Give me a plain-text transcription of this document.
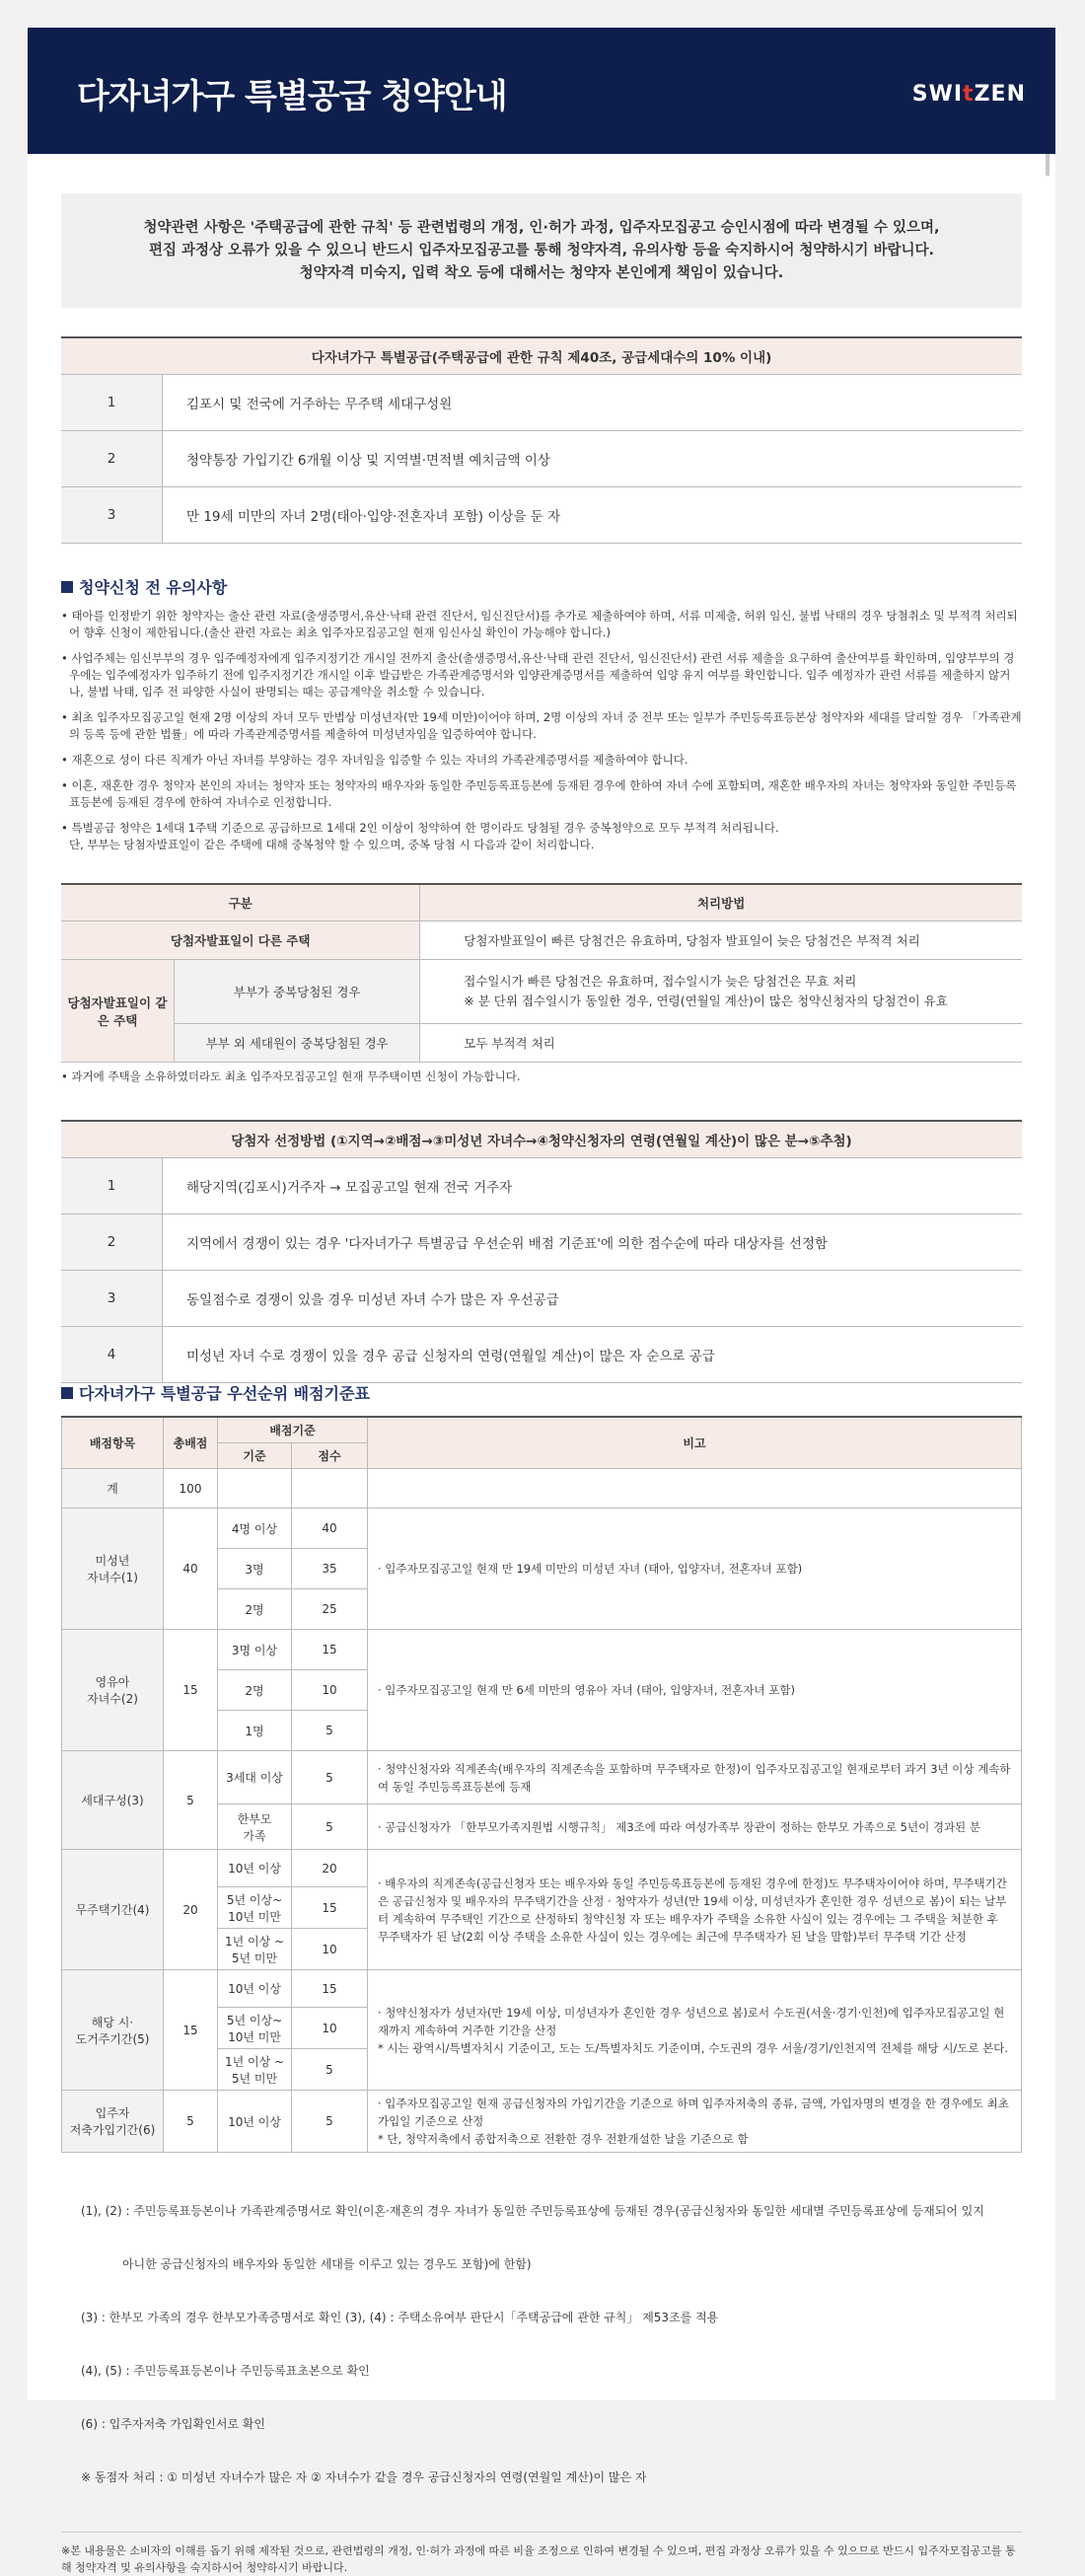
다자녀가구 특별공급 청약안내	SWItZEN
청약관련 사항은 '주택공급에 관한 규칙' 등 관련법령의 개정, 인·허가 과정, 입주자모집공고 승인시점에 따라 변경될 수 있으며,
편집 과정상 오류가 있을 수 있으니 반드시 입주자모집공고를 통해 청약자격, 유의사항 등을 숙지하시어 청약하시기 바랍니다.
청약자격 미숙지, 입력 착오 등에 대해서는 청약자 본인에게 책임이 있습니다.
다자녀가구 특별공급(주택공급에 관한 규칙 제40조, 공급세대수의 10% 이내)	
1	김포시 및 전국에 거주하는 무주택 세대구성원
2	청약통장 가입기간 6개월 이상 및 지역별·면적별 예치금액 이상
3	만 19세 미만의 자녀 2명(태아·입양·전혼자녀 포함) 이상을 둔 자
청약신청 전 유의사항

• 태아를 인정받기 위한 청약자는 출산 관련 자료(출생증명서,유산·낙태 관련 진단서, 임신진단서)를 추가로 제출하여야 하며, 서류 미제출, 허위 임신, 불법 낙태의 경우 당첨취소 및 부적격 처리되어 향후 신청이 제한됩니다.(출산 관련 자료는 최초 입주자모집공고일 현재 임신사실 확인이 가능해야 합니다.)

• 사업주체는 임신부부의 경우 입주예정자에게 입주지정기간 개시일 전까지 출산(출생증명서,유산·낙태 관련 진단서, 임신진단서) 관련 서류 제출을 요구하여 출산여부를 확인하며, 입양부부의 경우에는 입주예정자가 입주하기 전에 입주지정기간 개시일 이후 발급받은 가족관계증명서와 입양관계증명서를 제출하여 입양 유지 여부를 확인합니다. 입주 예정자가 관련 서류를 제출하지 않거나, 불법 낙태, 입주 전 파양한 사실이 판명되는 때는 공급계약을 취소할 수 있습니다.

• 최초 입주자모집공고일 현재 2명 이상의 자녀 모두 만법상 미성년자(만 19세 미만)이어야 하며, 2명 이상의 자녀 중 전부 또는 일부가 주민등록표등본상 청약자와 세대를 달리할 경우 「가족관계의 등록 등에 관한 법률」에 따라 가족관계증명서를 제출하여 미성년자임을 입증하여야 합니다.

• 재혼으로 성이 다른 직계가 아닌 자녀를 부양하는 경우 자녀임을 입증할 수 있는 자녀의 가족관계증명서를 제출하여야 합니다.

• 이혼, 재혼한 경우 청약자 본인의 자녀는 청약자 또는 청약자의 배우자와 동일한 주민등록표등본에 등재된 경우에 한하여 자녀 수에 포함되며, 재혼한 배우자의 자녀는 청약자와 동일한 주민등록표등본에 등재된 경우에 한하여 자녀수로 인정합니다.

• 특별공급 청약은 1세대 1주택 기준으로 공급하므로 1세대 2인 이상이 청약하여 한 명이라도 당첨될 경우 중복청약으로 모두 부적격 처리됩니다.
단, 부부는 당첨자발표일이 같은 주택에 대해 중복청약 할 수 있으며, 중복 당첨 시 다음과 같이 처리합니다.

구분		처리방법
당첨자발표일이 다른 주택		당첨자발표일이 빠른 당첨건은 유효하며, 당첨자 발표일이 늦은 당첨건은 부적격 처리
당첨자발표일이 같은 주택	부부가 중복당첨된 경우	접수일시가 빠른 당첨건은 유효하며, 접수일시가 늦은 당첨건은 무효 처리
※ 분 단위 접수일시가 동일한 경우, 연령(연월일 계산)이 많은 청약신청자의 당첨건이 유효

	부부 외 세대원이 중복당첨된 경우	모두 부적격 처리
• 과거에 주택을 소유하였더라도 최초 입주자모집공고일 현재 무주택이면 신청이 가능합니다.
당첨자 선정방법 (①지역→②배점→③미성년 자녀수→④청약신청자의 연령(연월일 계산)이 많은 분→⑤추첨)	
1	해당지역(김포시)거주자 → 모집공고일 현재 전국 거주자
2	지역에서 경쟁이 있는 경우 '다자녀가구 특별공급 우선순위 배점 기준표'에 의한 점수순에 따라 대상자를 선정함
3	동일점수로 경쟁이 있을 경우 미성년 자녀 수가 많은 자 우선공급
4	미성년 자녀 수로 경쟁이 있을 경우 공급 신청자의 연령(연월일 계산)이 많은 자 순으로 공급
다자녀가구 특별공급 우선순위 배점기준표
배점항목	총배점	배점기준		비고
		기준	점수	
계	100			
미성년
자녀수(1)	40	4명 이상	40	· 입주자모집공고일 현재 만 19세 미만의 미성년 자녀 (태아, 입양자녀, 전혼자녀 포함)
		3명	35	
		2명	25	
영유아
자녀수(2)	15	3명 이상	15	· 입주자모집공고일 현재 만 6세 미만의 영유아 자녀 (태아, 입양자녀, 전혼자녀 포함)
		2명	10	
		1명	5	
세대구성(3)	5	3세대 이상	5	· 청약신청자와 직계존속(배우자의 직계존속을 포함하며 무주택자로 한정)이 입주자모집공고일 현재로부터 과거 3년 이상 계속하여 동일 주민등록표등본에 등재
		한부모
가족	5	· 공급신청자가 「한부모가족지원법 시행규칙」 제3조에 따라 여성가족부 장관이 정하는 한부모 가족으로 5년이 경과된 분
무주택기간(4)	20	10년 이상	20	· 배우자의 직계존속(공급신청자 또는 배우자와 동일 주민등록표등본에 등재된 경우에 한정)도 무주택자이어야 하며, 무주택기간은 공급신청자 및 배우자의 무주택기간을 산정 · 청약자가 성년(만 19세 이상, 미성년자가 혼인한 경우 성년으로 봄)이 되는 날부터 계속하여 무주택인 기간으로 산정하되 청약신청 자 또는 배우자가 주택을 소유한 사실이 있는 경우에는 그 주택을 처분한 후 무주택자가 된 날(2회 이상 주택을 소유한 사실이 있는 경우에는 최근에 무주택자가 된 날을 말함)부터 무주택 기간 산정
		5년 이상~
10년 미만	15	
		1년 이상 ~
5년 미만	10	
해당 시·
도거주기간(5)	15	10년 이상	15	· 청약신청자가 성년자(만 19세 이상, 미성년자가 혼인한 경우 성년으로 봄)로서 수도권(서울·경기·인천)에 입주자모집공고일 현재까지 계속하여 거주한 기간을 산정
* 시는 광역시/특별자치시 기준이고, 도는 도/특별자치도 기준이며, 수도권의 경우 서울/경기/인천지역 전체를 해당 시/도로 본다.
		5년 이상~
10년 미만	10	
		1년 이상 ~
5년 미만	5	
입주자
저축가입기간(6)	5	10년 이상	5	· 입주자모집공고일 현재 공급신청자의 가입기간을 기준으로 하며 입주자저축의 종류, 금액, 가입자명의 변경을 한 경우에도 최초 가입일 기준으로 산정
* 단, 청약저축에서 종합저축으로 전환한 경우 전환개설한 날을 기준으로 함

(1), (2) : 주민등록표등본이나 가족관계증명서로 확인(이혼·재혼의 경우 자녀가 동일한 주민등록표상에 등재된 경우(공급신청자와 동일한 세대별 주민등록표상에 등재되어 있지

아니한 공급신청자의 배우자와 동일한 세대를 이루고 있는 경우도 포함)에 한함)

(3) : 한부모 가족의 경우 한부모가족증명서로 확인 (3), (4) : 주택소유여부 판단시「주택공급에 관한 규칙」 제53조를 적용

(4), (5) : 주민등록표등본이나 주민등록표초본으로 확인

(6) : 입주자저축 가입확인서로 확인

※ 동점자 처리 : ① 미성년 자녀수가 많은 자 ② 자녀수가 같을 경우 공급신청자의 연령(연월일 계산)이 많은 자

※본 내용물은 소비자의 이해를 돕기 위해 제작된 것으로, 관련법령의 개정, 인·허가 과정에 따른 비율 조정으로 인하여 변경될 수 있으며, 편집 과정상 오류가 있을 수 있으므로 반드시 입주자모집공고를 통해 청약자격 및 유의사항을 숙지하시어 청약하시기 바랍니다.
